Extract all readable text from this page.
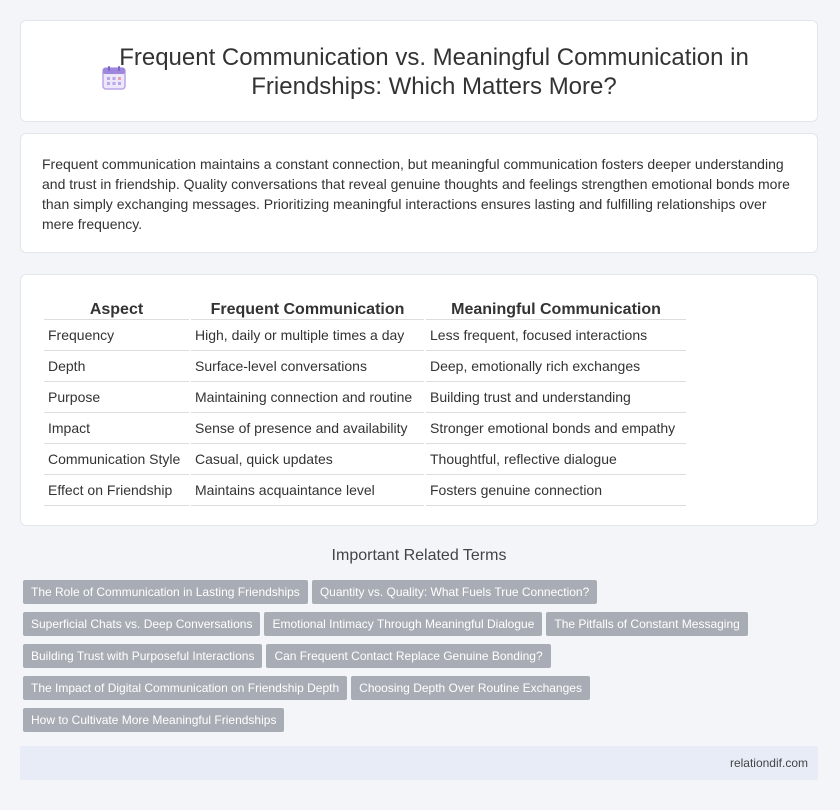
Frequent Communication vs. Meaningful Communication in Friendships: Which Matters More?

Frequent communication maintains a constant connection, but meaningful communication fosters deeper understanding and trust in friendship. Quality conversations that reveal genuine thoughts and feelings strengthen emotional bonds more than simply exchanging messages. Prioritizing meaningful interactions ensures lasting and fulfilling relationships over mere frequency.

Aspect	Frequent Communication	Meaningful Communication
Frequency	High, daily or multiple times a day	Less frequent, focused interactions
Depth	Surface-level conversations	Deep, emotionally rich exchanges
Purpose	Maintaining connection and routine	Building trust and understanding
Impact	Sense of presence and availability	Stronger emotional bonds and empathy
Communication Style	Casual, quick updates	Thoughtful, reflective dialogue
Effect on Friendship	Maintains acquaintance level	Fosters genuine connection
Important Related Terms
The Role of Communication in Lasting Friendships Quantity vs. Quality: What Fuels True Connection?
Superficial Chats vs. Deep Conversations Emotional Intimacy Through Meaningful Dialogue The Pitfalls of Constant Messaging
Building Trust with Purposeful Interactions Can Frequent Contact Replace Genuine Bonding?
The Impact of Digital Communication on Friendship Depth Choosing Depth Over Routine Exchanges
How to Cultivate More Meaningful Friendships
relationdif.com
